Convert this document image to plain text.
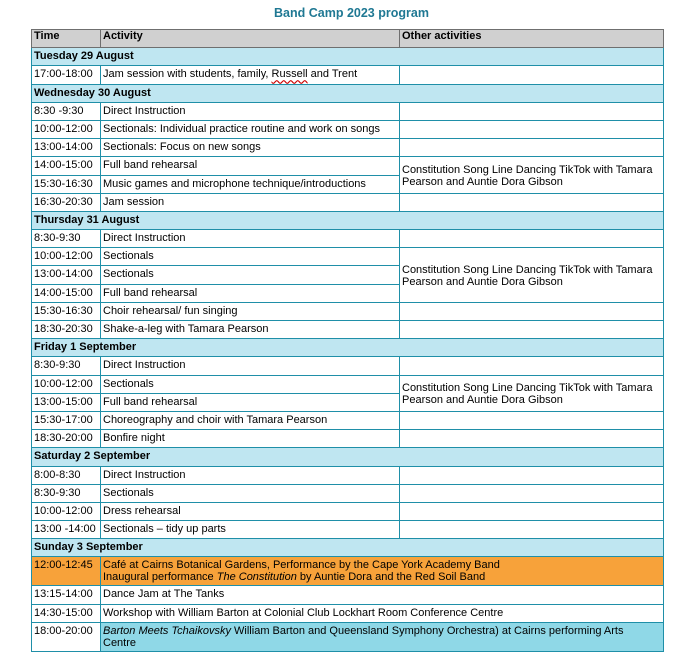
Band Camp 2023 program
Time	Activity	Other activities
Tuesday 29 August		
17:00-18:00	Jam session with students, family, Russell and Trent	
Wednesday 30 August		
8:30 -9:30	Direct Instruction	
10:00-12:00	Sectionals: Individual practice routine and work on songs	
13:00-14:00	Sectionals: Focus on new songs	
14:00-15:00	Full band rehearsal	Constitution Song Line Dancing TikTok with Tamara Pearson and Auntie Dora Gibson
15:30-16:30	Music games and microphone technique/introductions	
16:30-20:30	Jam session	
Thursday 31 August		
8:30-9:30	Direct Instruction	
10:00-12:00	Sectionals	Constitution Song Line Dancing TikTok with Tamara Pearson and Auntie Dora Gibson
13:00-14:00	Sectionals	
14:00-15:00	Full band rehearsal	
15:30-16:30	Choir rehearsal/ fun singing	
18:30-20:30	Shake-a-leg with Tamara Pearson	
Friday 1 September		
8:30-9:30	Direct Instruction	
10:00-12:00	Sectionals	Constitution Song Line Dancing TikTok with Tamara Pearson and Auntie Dora Gibson
13:00-15:00	Full band rehearsal	
15:30-17:00	Choreography and choir with Tamara Pearson	
18:30-20:00	Bonfire night	
Saturday 2 September		
8:00-8:30	Direct Instruction	
8:30-9:30	Sectionals	
10:00-12:00	Dress rehearsal	
13:00 -14:00	Sectionals – tidy up parts	
Sunday 3 September		
12:00-12:45	Café at Cairns Botanical Gardens, Performance by the Cape York Academy Band
Inaugural performance The Constitution by Auntie Dora and the Red Soil Band	

13:15-14:00	Dance Jam at The Tanks	
14:30-15:00	Workshop with William Barton at Colonial Club Lockhart Room Conference Centre	
18:00-20:00	Barton Meets Tchaikovsky William Barton and Queensland Symphony Orchestra) at Cairns performing Arts
Centre	
